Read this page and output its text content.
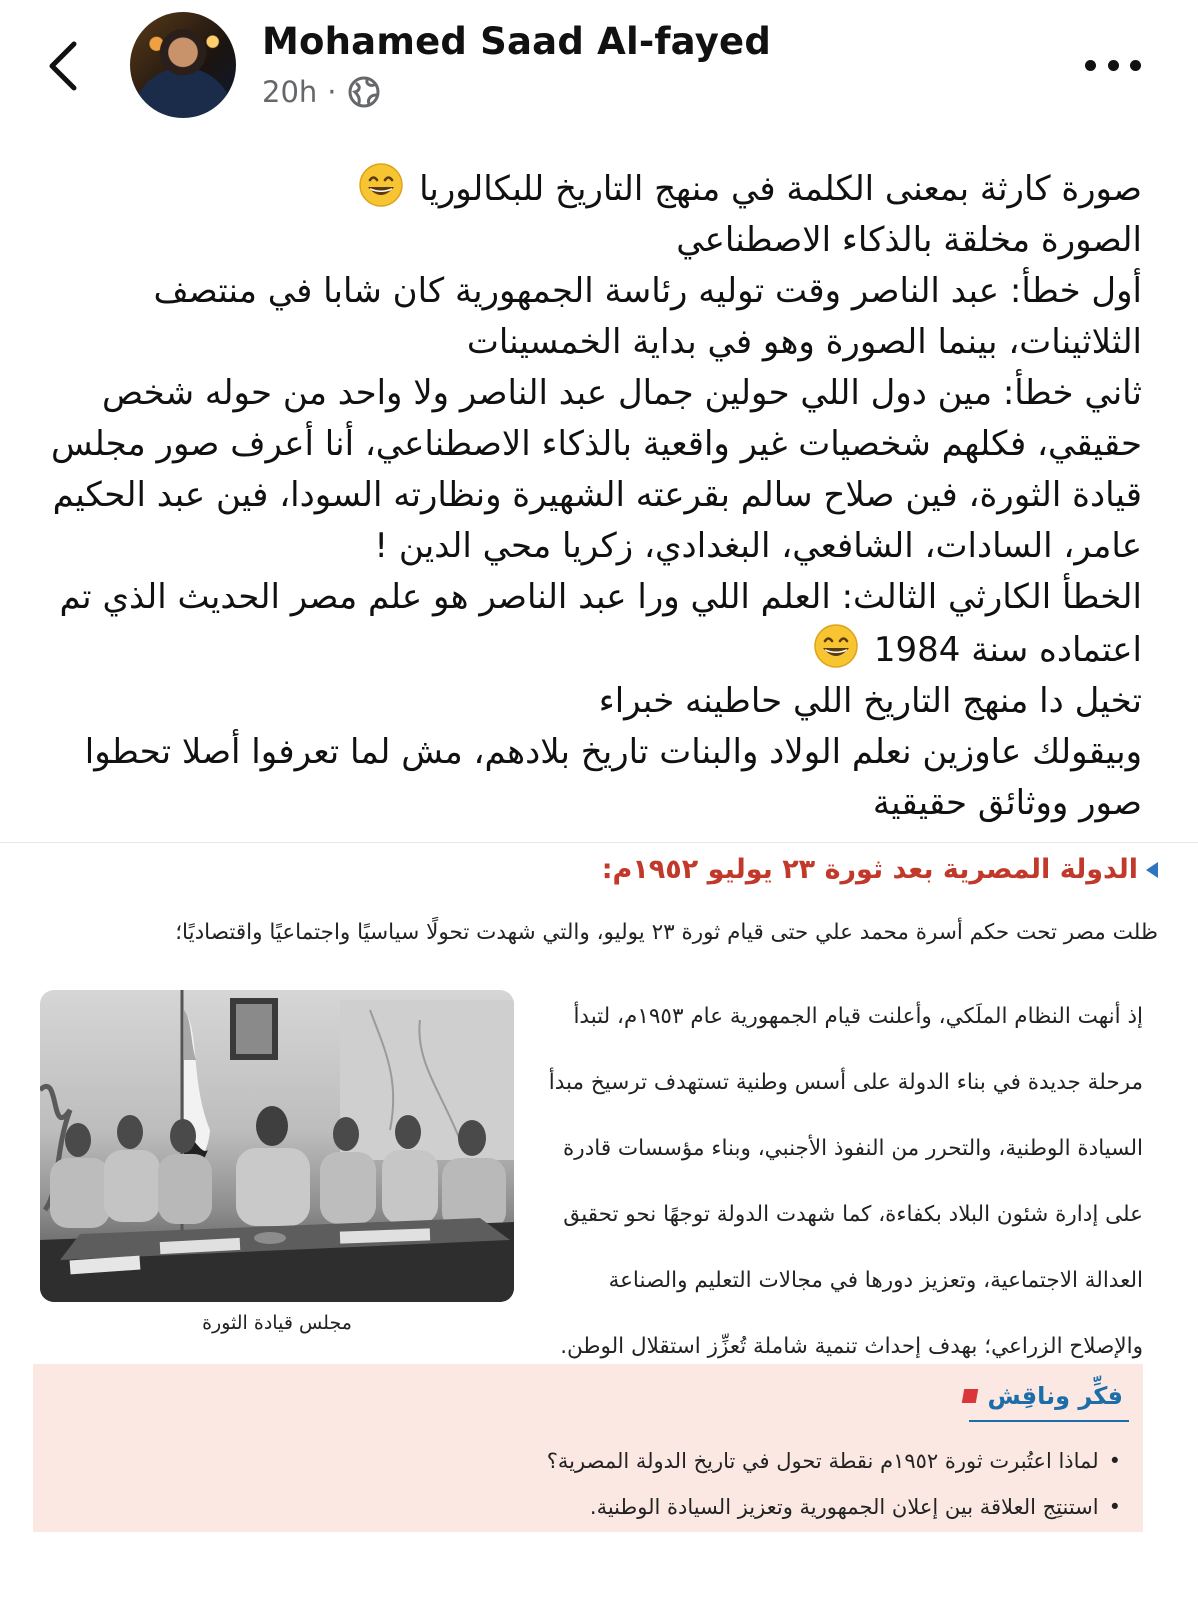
Mohamed Saad Al-fayed
20h ·

صورة كارثة بمعنى الكلمة في منهج التاريخ للبكالوريا

الصورة مخلقة بالذكاء الاصطناعي

أول خطأ: عبد الناصر وقت توليه رئاسة الجمهورية كان شابا في منتصف الثلاثينات، بينما الصورة وهو في بداية الخمسينات

ثاني خطأ: مين دول اللي حولين جمال عبد الناصر ولا واحد من حوله شخص حقيقي، فكلهم شخصيات غير واقعية بالذكاء الاصطناعي، أنا أعرف صور مجلس قيادة الثورة، فين صلاح سالم بقرعته الشهيرة ونظارته السودا، فين عبد الحكيم عامر، السادات، الشافعي، البغدادي، زكريا محي الدين !

الخطأ الكارثي الثالث: العلم اللي ورا عبد الناصر هو علم مصر الحديث الذي تم اعتماده سنة 1984

تخيل دا منهج التاريخ اللي حاطينه خبراء

وبيقولك عاوزين نعلم الولاد والبنات تاريخ بلادهم، مش لما تعرفوا أصلا تحطوا صور ووثائق حقيقية

الدولة المصرية بعد ثورة ٢٣ يوليو ١٩٥٢م:
ظلت مصر تحت حكم أسرة محمد علي حتى قيام ثورة ٢٣ يوليو، والتي شهدت تحولًا سياسيًا واجتماعيًا واقتصاديًا؛
إذ أنهت النظام الملَكي، وأعلنت قيام الجمهورية عام ١٩٥٣م، لتبدأ
مرحلة جديدة في بناء الدولة على أسس وطنية تستهدف ترسيخ مبدأ
السيادة الوطنية، والتحرر من النفوذ الأجنبي، وبناء مؤسسات قادرة
على إدارة شئون البلاد بكفاءة، كما شهدت الدولة توجهًا نحو تحقيق
العدالة الاجتماعية، وتعزيز دورها في مجالات التعليم والصناعة
والإصلاح الزراعي؛ بهدف إحداث تنمية شاملة تُعزِّز استقلال الوطن.
مجلس قيادة الثورة
فكِّر وناقِش
• لماذا اعتُبرت ثورة ١٩٥٢م نقطة تحول في تاريخ الدولة المصرية؟
• استنتِج العلاقة بين إعلان الجمهورية وتعزيز السيادة الوطنية.
